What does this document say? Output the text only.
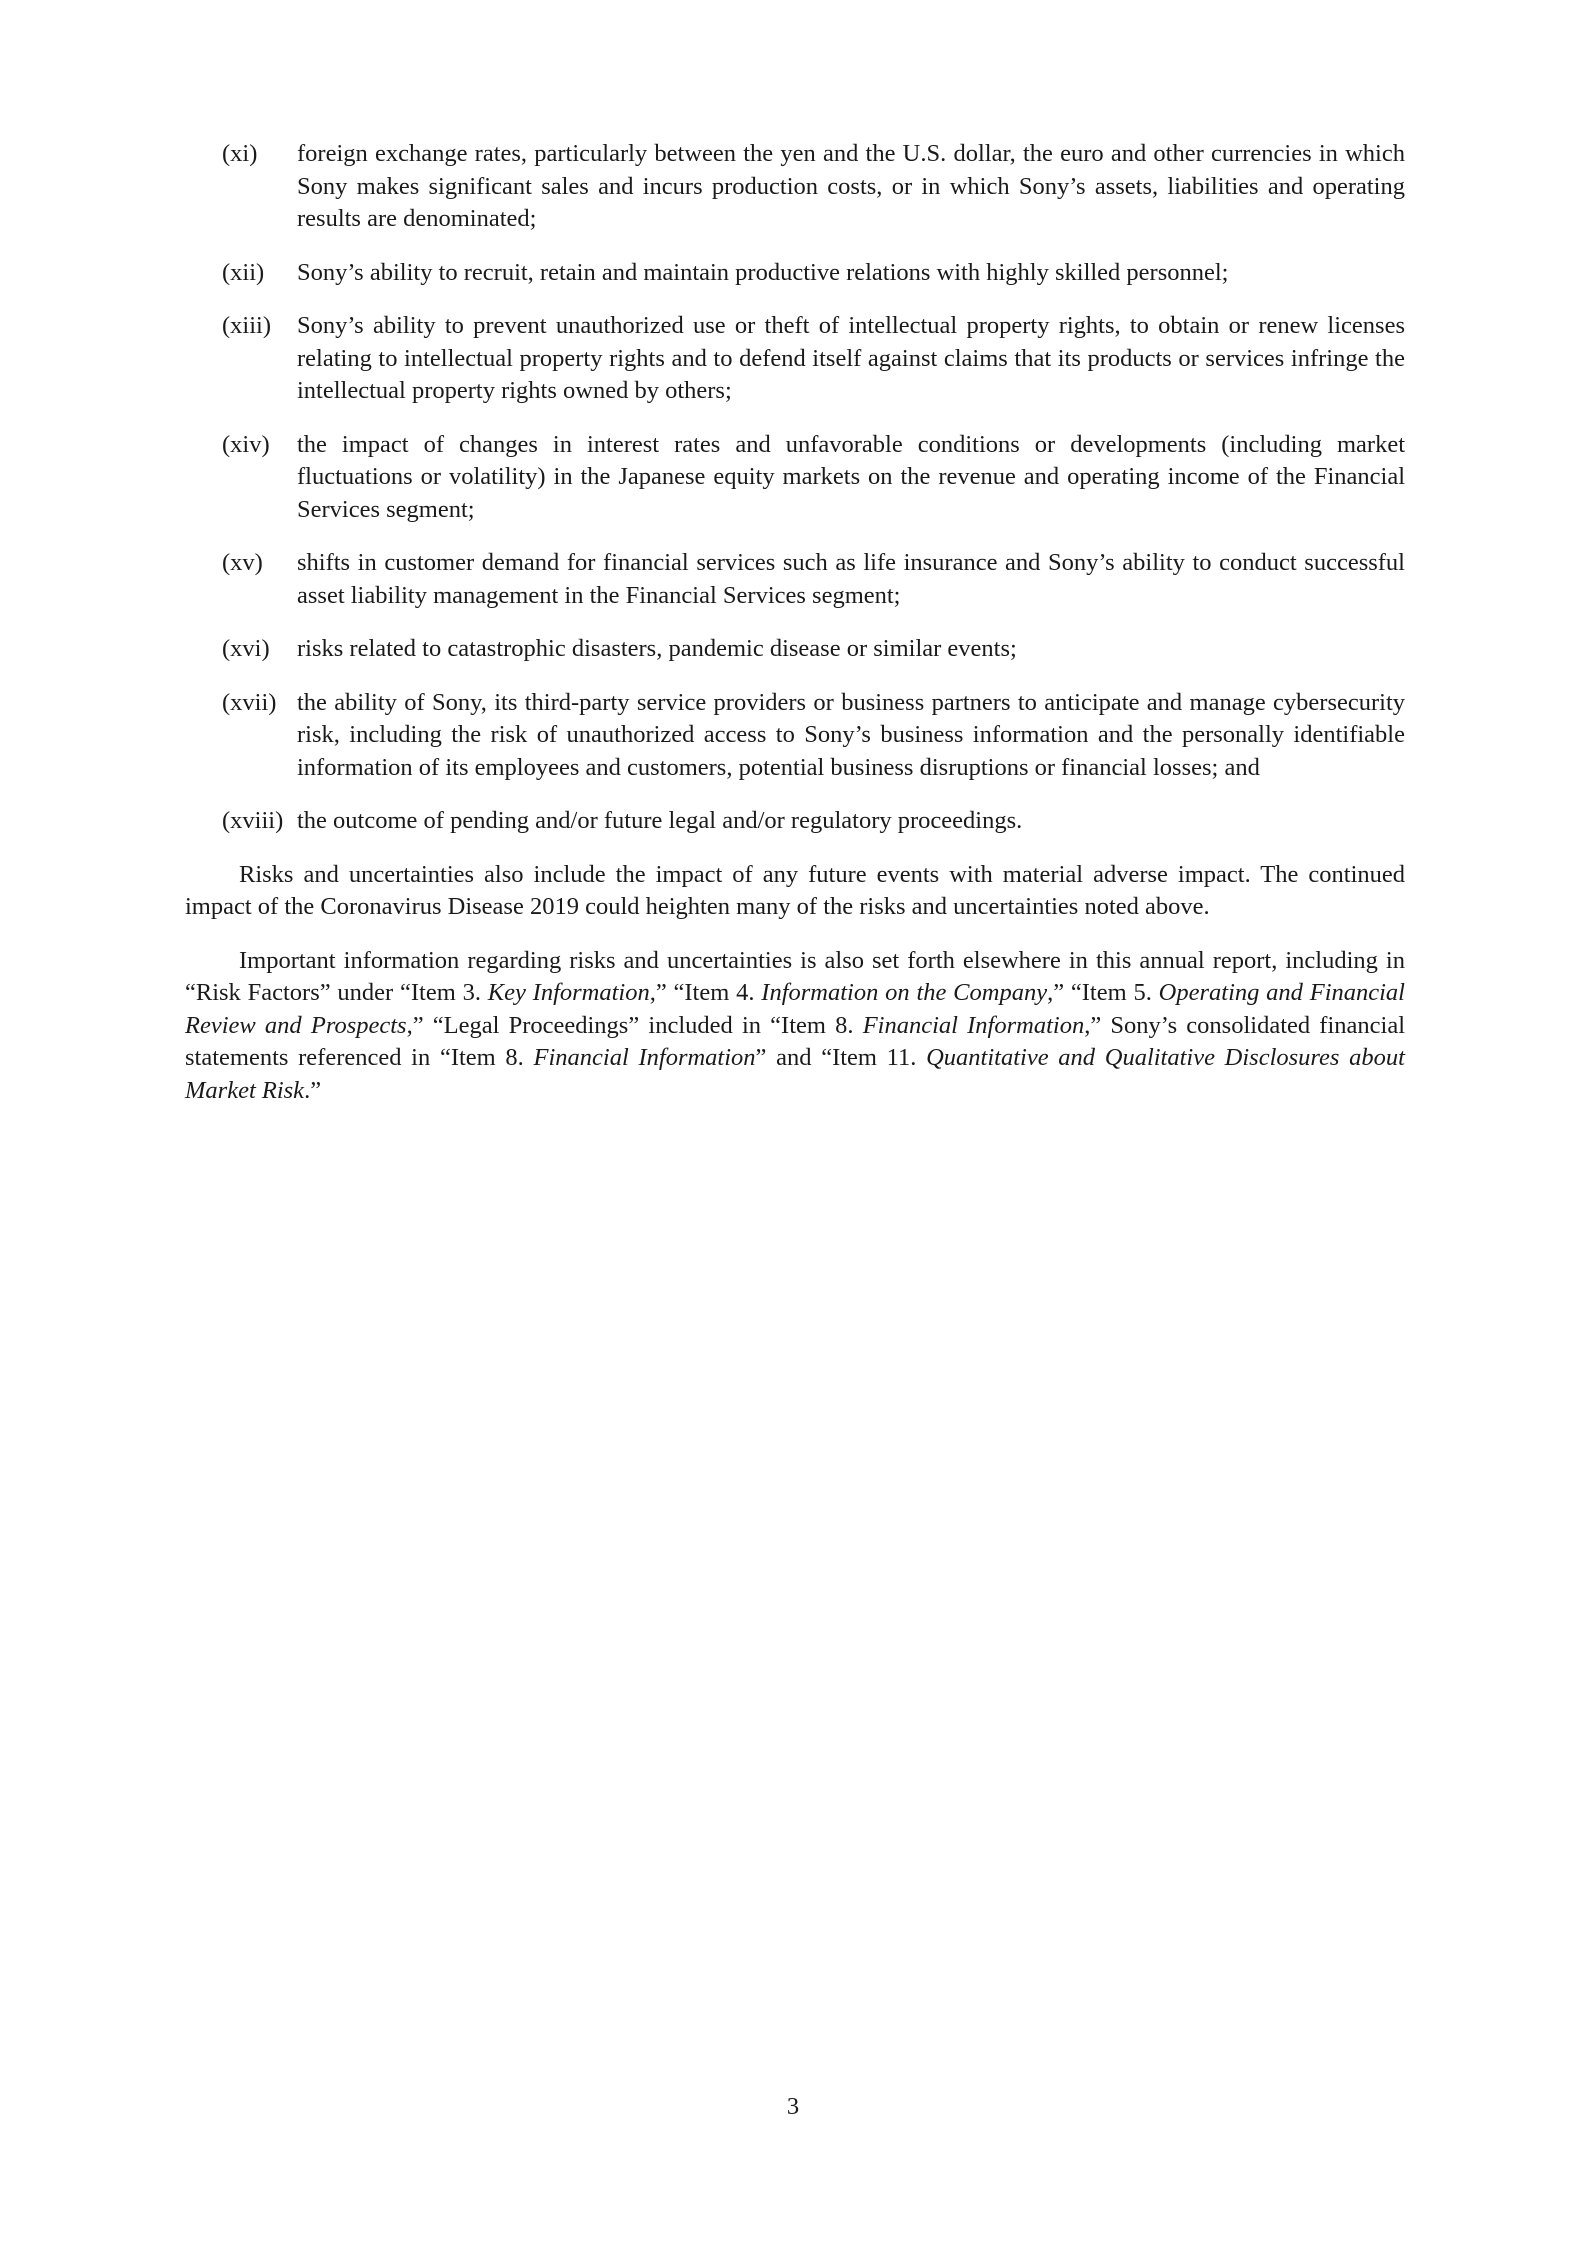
(xi) foreign exchange rates, particularly between the yen and the U.S. dollar, the euro and other currencies in which Sony makes significant sales and incurs production costs, or in which Sony’s assets, liabilities and operating results are denominated;
(xii) Sony’s ability to recruit, retain and maintain productive relations with highly skilled personnel;
(xiii) Sony’s ability to prevent unauthorized use or theft of intellectual property rights, to obtain or renew licenses relating to intellectual property rights and to defend itself against claims that its products or services infringe the intellectual property rights owned by others;
(xiv) the impact of changes in interest rates and unfavorable conditions or developments (including market fluctuations or volatility) in the Japanese equity markets on the revenue and operating income of the Financial Services segment;
(xv) shifts in customer demand for financial services such as life insurance and Sony’s ability to conduct successful asset liability management in the Financial Services segment;
(xvi) risks related to catastrophic disasters, pandemic disease or similar events;
(xvii) the ability of Sony, its third-party service providers or business partners to anticipate and manage cybersecurity risk, including the risk of unauthorized access to Sony’s business information and the personally identifiable information of its employees and customers, potential business disruptions or financial losses; and
(xviii) the outcome of pending and/or future legal and/or regulatory proceedings.

Risks and uncertainties also include the impact of any future events with material adverse impact. The continued impact of the Coronavirus Disease 2019 could heighten many of the risks and uncertainties noted above.

Important information regarding risks and uncertainties is also set forth elsewhere in this annual report, including in “Risk Factors” under “Item 3. Key Information,” “Item 4. Information on the Company,” “Item 5. Operating and Financial Review and Prospects,” “Legal Proceedings” included in “Item 8. Financial Information,” Sony’s consolidated financial statements referenced in “Item 8. Financial Information” and “Item 11. Quantitative and Qualitative Disclosures about Market Risk.”

3
